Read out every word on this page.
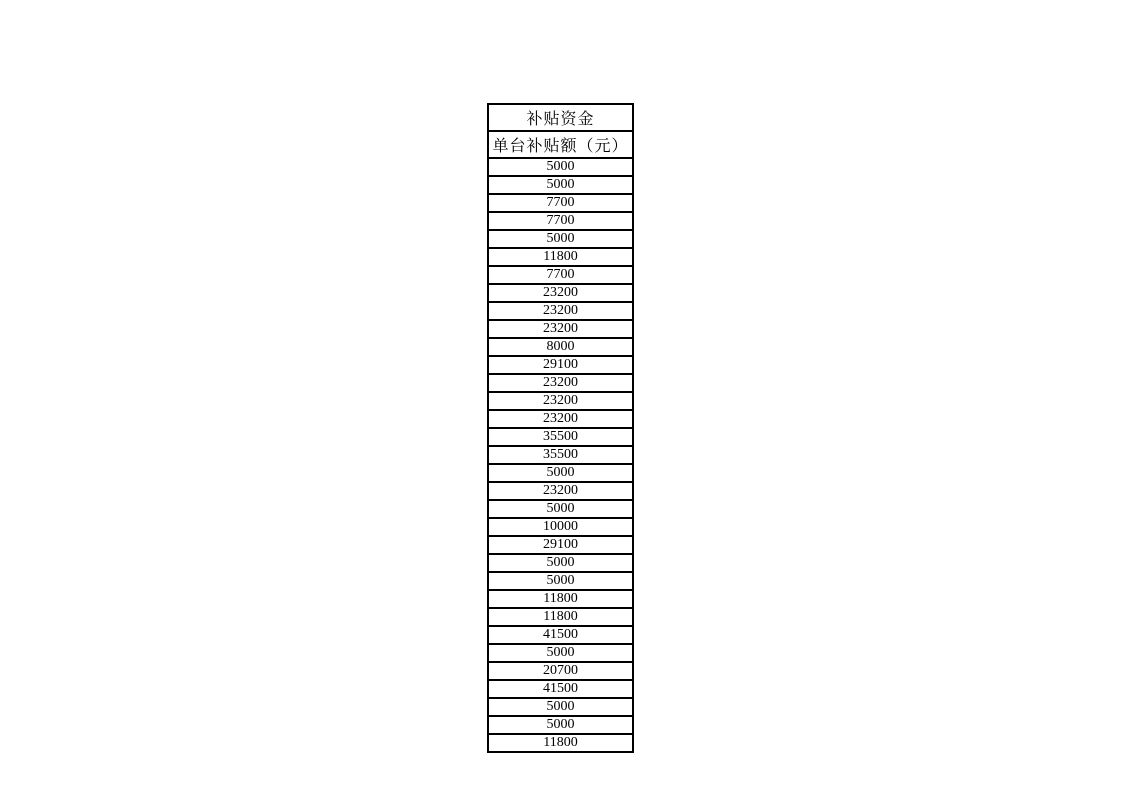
补贴资金
单台补贴额（元）
5000
5000
7700
7700
5000
11800
7700
23200
23200
23200
8000
29100
23200
23200
23200
35500
35500
5000
23200
5000
10000
29100
5000
5000
11800
11800
41500
5000
20700
41500
5000
5000
11800
